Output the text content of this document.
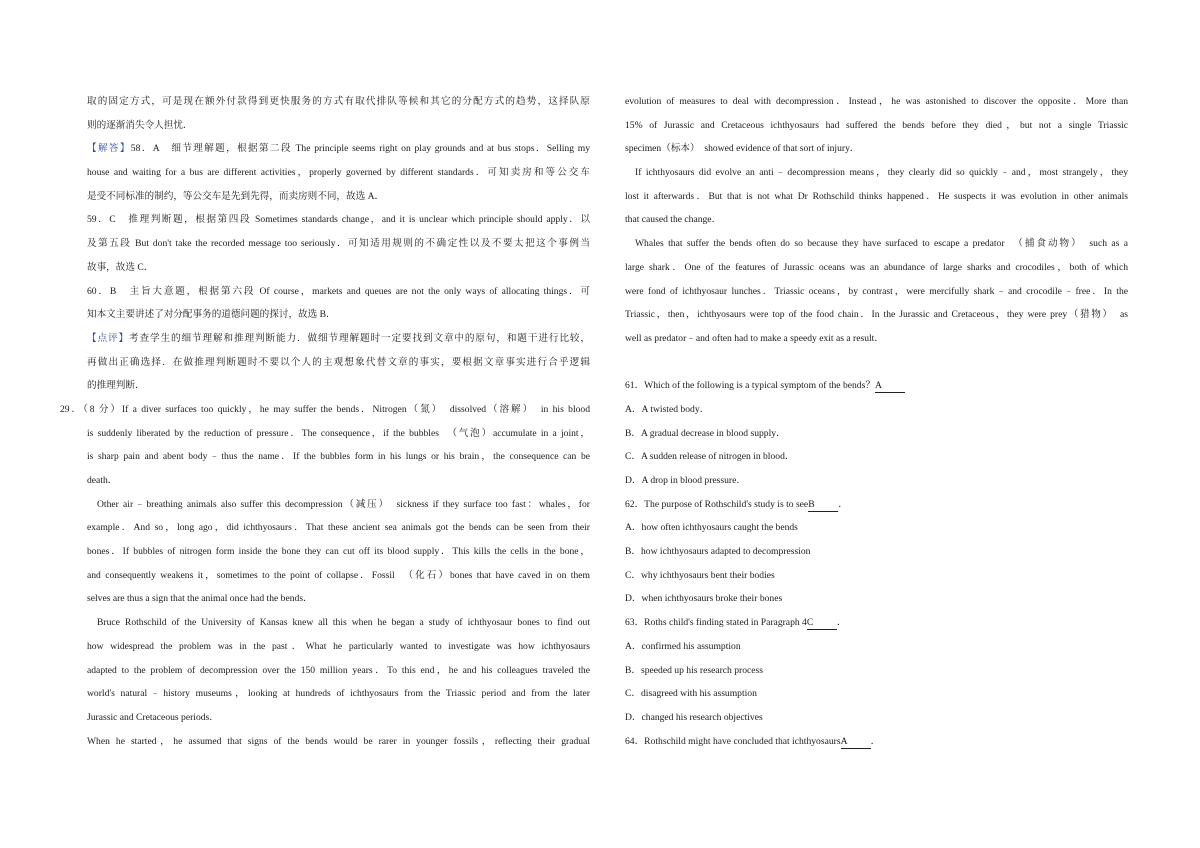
取的固定方式，可是现在额外付款得到更快服务的方式有取代排队等候和其它的分配方式的趋势，这择队原
则的逐渐消失令人担忧．
【解答】58．A　细节理解题，根据第二段 The principle seems right on play grounds and at bus stops．Selling my
house and waiting for a bus are different activities，properly governed by different standards．可知卖房和等公交车
是受不同标准的制约，等公交车是先到先得，而卖房则不同，故选 A．
59．C　推理判断题，根据第四段 Sometimes standards change，and it is unclear which principle should apply．以
及第五段 But don't take the recorded message too seriously．可知适用规则的不确定性以及不要太把这个事例当
故事，故选 C．
60．B　主旨大意题，根据第六段 Of course，markets and queues are not the only ways of allocating things．可
知本文主要讲述了对分配事务的道德问题的探讨，故选 B．
【点评】考查学生的细节理解和推理判断能力．做细节理解题时一定要找到文章中的原句，和题干进行比较，
再做出正确选择．在做推理判断题时不要以个人的主观想象代替文章的事实，要根据文章事实进行合乎逻辑
的推理判断．
29．（8 分）If a diver surfaces too quickly，he may suffer the bends．Nitrogen（氮）　dissolved（溶解）　in his blood
is suddenly liberated by the reduction of pressure．The consequence，if the bubbles　（气泡）accumulate in a joint，
is sharp pain and abent body﹣thus the name．If the bubbles form in his lungs or his brain，the consequence can be
death．
Other air﹣breathing animals also suffer this decompression（减压）　sickness if they surface too fast：whales，for
example．And so，long ago，did ichthyosaurs．That these ancient sea animals got the bends can be seen from their
bones．If bubbles of nitrogen form inside the bone they can cut off its blood supply．This kills the cells in the bone，
and consequently weakens it，sometimes to the point of collapse．Fossil　（化石）bones that have caved in on them
selves are thus a sign that the animal once had the bends．
Bruce Rothschild of the University of Kansas knew all this when he began a study of ichthyosaur bones to find out
how widespread the problem was in the past．What he particularly wanted to investigate was how ichthyosaurs
adapted to the problem of decompression over the 150 million years．To this end，he and his colleagues traveled the
world's natural﹣history museums，looking at hundreds of ichthyosaurs from the Triassic period and from the later
Jurassic and Cretaceous periods．
When he started，he assumed that signs of the bends would be rarer in younger fossils，reflecting their gradual
evolution of measures to deal with decompression．Instead，he was astonished to discover the opposite．More than
15% of Jurassic and Cretaceous ichthyosaurs had suffered the bends before they died，but not a single Triassic
specimen（标本）　showed evidence of that sort of injury．
If ichthyosaurs did evolve an anti﹣decompression means，they clearly did so quickly﹣and，most strangely，they
lost it afterwards．But that is not what Dr Rothschild thinks happened．He suspects it was evolution in other animals
that caused the change．
Whales that suffer the bends often do so because they have surfaced to escape a predator　（捕食动物）　such as a
large shark．One of the features of Jurassic oceans was an abundance of large sharks and crocodiles，both of which
were fond of ichthyosaur lunches．Triassic oceans，by contrast，were mercifully shark﹣and crocodile﹣free．In the
Triassic，then，ichthyosaurs were top of the food chain．In the Jurassic and Cretaceous，they were prey（猎物）　as
well as predator﹣and often had to make a speedy exit as a result．
61．Which of the following is a typical symptom of the bends？A
A．A twisted body．
B．A gradual decrease in blood supply．
C．A sudden release of nitrogen in blood．
D．A drop in blood pressure．
62．The purpose of Rothschild's study is to seeB ．
A．how often ichthyosaurs caught the bends
B．how ichthyosaurs adapted to decompression
C．why ichthyosaurs bent their bodies
D．when ichthyosaurs broke their bones
63．Roths child's finding stated in Paragraph 4C ．
A．confirmed his assumption
B．speeded up his research process
C．disagreed with his assumption
D．changed his research objectives
64．Rothschild might have concluded that ichthyosaursA ．
